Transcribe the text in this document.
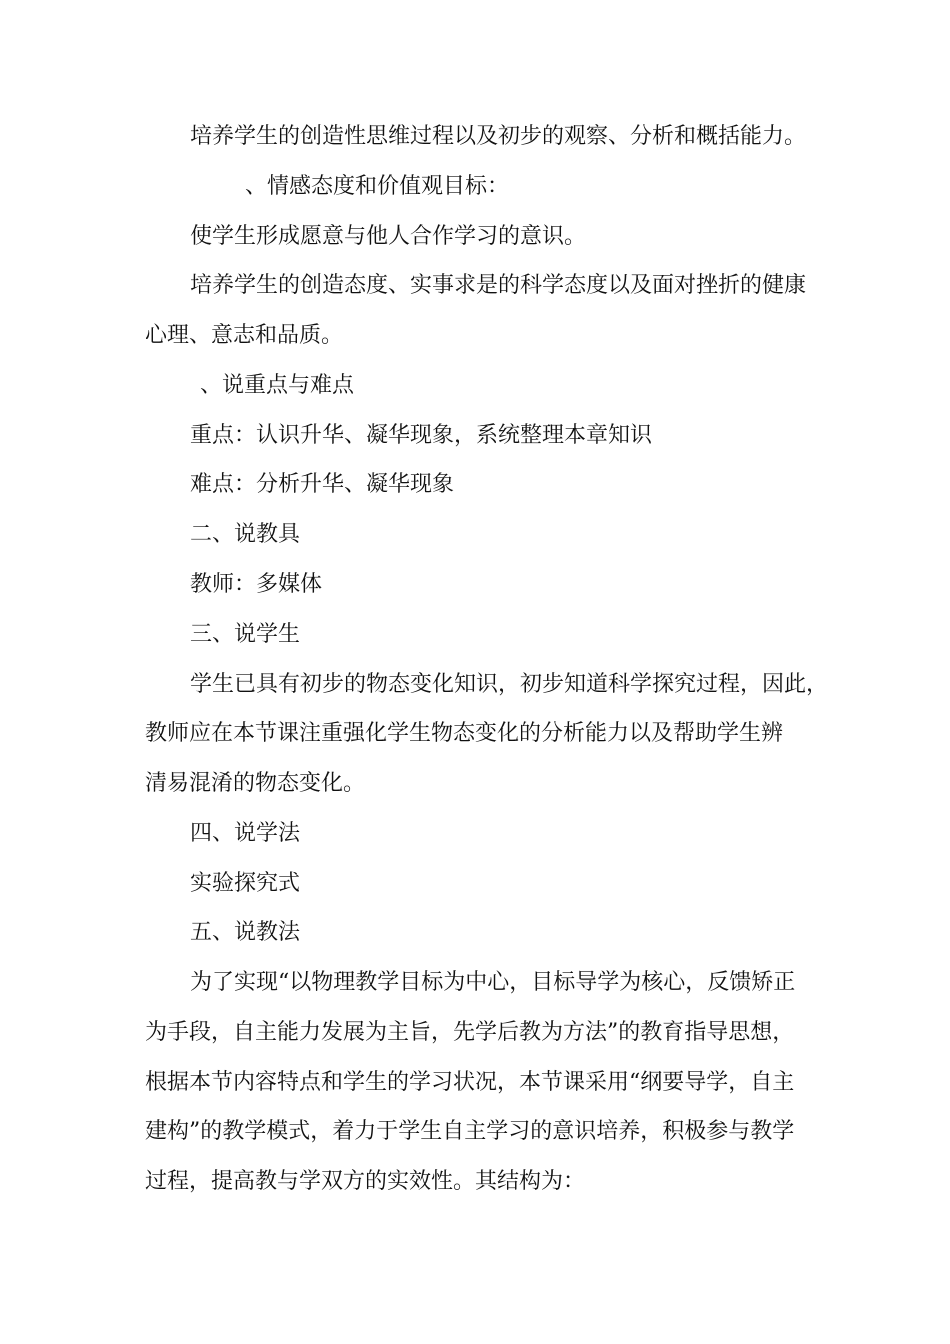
培养学生的创造性思维过程以及初步的观察、分析和概括能力。
、情感态度和价值观目标：
使学生形成愿意与他人合作学习的意识。
培养学生的创造态度、实事求是的科学态度以及面对挫折的健康
心理、意志和品质。
、说重点与难点
重点：认识升华、凝华现象，系统整理本章知识
难点：分析升华、凝华现象
二、说教具
教师：多媒体
三、说学生
学生已具有初步的物态变化知识，初步知道科学探究过程，因此，
教师应在本节课注重强化学生物态变化的分析能力以及帮助学生辨
清易混淆的物态变化。
四、说学法
实验探究式
五、说教法
为了实现“以物理教学目标为中心，目标导学为核心，反馈矫正
为手段，自主能力发展为主旨，先学后教为方法”的教育指导思想，
根据本节内容特点和学生的学习状况，本节课采用“纲要导学，自主
建构”的教学模式，着力于学生自主学习的意识培养，积极参与教学
过程，提高教与学双方的实效性。其结构为：
